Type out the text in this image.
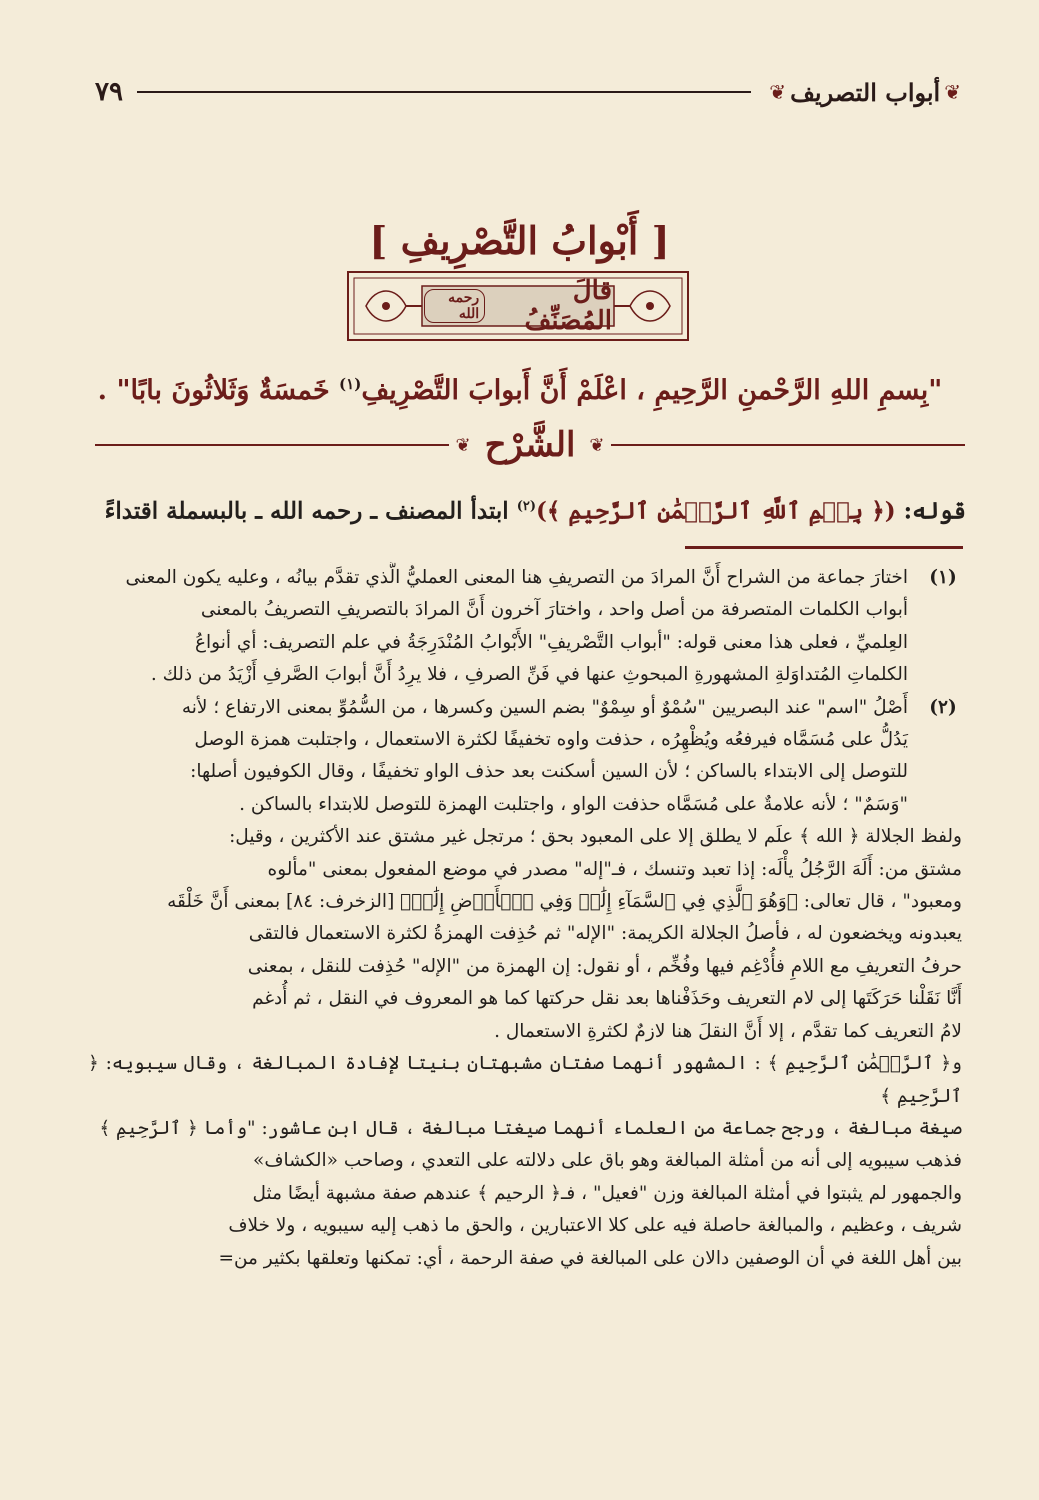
❦
أبواب التصريف
❦
٧٩
[ أَبْوابُ التَّصْرِيفِ ]
قالَ المُصَنِّفُ
رحمه الله
"بِسمِ اللهِ الرَّحْمنِ الرَّحِيمِ ، اعْلَمْ أَنَّ أَبوابَ التَّصْرِيفِ$^{(١)}$ خَمسَةٌ وَثَلاثُونَ بابًا" .
❦
الشَّرْح
❦
قوله: (﴿ بِسۡمِ ٱللَّهِ ٱلرَّحۡمَٰنِ ٱلرَّحِيمِ ﴾)$^{(٢)}$ ابتدأ المصنف ـ رحمه الله ـ بالبسملة اقتداءً
(١)

اختارَ جماعة من الشراح أَنَّ المرادَ من التصريفِ هنا المعنى العمليُّ الَّذي تقدَّم بيانُه ، وعليه يكون المعنى

أبواب الكلمات المتصرفة من أصل واحد ، واختارَ آخرون أَنَّ المرادَ بالتصريفِ التصريفُ بالمعنى

العِلميِّ ، فعلى هذا معنى قوله: "أبواب التَّصْريفِ" الأَبْوابُ المُنْدَرِجَةُ في علم التصريف: أي أنواعُ

الكلماتِ المُتداوَلةِ المشهورةِ المبحوثِ عنها في فَنِّ الصرفِ ، فلا يرِدُ أَنَّ أبوابَ الصَّرفِ أَزْيَدُ من ذلك .

(٢)

أَصْلُ "اسم" عند البصريين "سُمْوٌ أو سِمْوٌ" بضم السين وكسرها ، من السُّمُوِّ بمعنى الارتفاع ؛ لأنه

يَدُلُّ على مُسَمَّاه فيرفعُه ويُظْهِرُه ، حذفت واوه تخفيفًا لكثرة الاستعمال ، واجتلبت همزة الوصل

للتوصل إلى الابتداء بالساكن ؛ لأن السين أسكنت بعد حذف الواو تخفيفًا ، وقال الكوفيون أصلها:

"وَسَمٌ" ؛ لأنه علامةٌ على مُسَمَّاه حذفت الواو ، واجتلبت الهمزة للتوصل للابتداء بالساكن .

ولفظ الجلالة ﴿ الله ﴾ علَم لا يطلق إلا على المعبود بحق ؛ مرتجل غير مشتق عند الأكثرين ، وقيل:

مشتق من: أَلَهَ الرَّجُلُ يأْلَه: إذا تعبد وتنسك ، فـ"إله" مصدر في موضع المفعول بمعنى "مألوه

ومعبود" ، قال تعالى: ﴿وَهُوَ ٱلَّذِي فِي ٱلسَّمَآءِ إِلَٰهٞ وَفِي ٱلۡأَرۡضِ إِلَٰهٞ﴾ [الزخرف: ٨٤] بمعنى أَنَّ خَلْقَه

يعبدونه ويخضعون له ، فأصلُ الجلالة الكريمة: "الإله" ثم حُذِفت الهمزةُ لكثرة الاستعمال فالتقى

حرفُ التعريفِ مع اللامِ فأُدْغِم فيها وفُخِّم ، أو نقول: إن الهمزة من "الإله" حُذِفت للنقل ، بمعنى

أَنَّا نَقَلْنا حَرَكَتَها إلى لام التعريف وحَذَفْناها بعد نقل حركتها كما هو المعروف في النقل ، ثم أُدغم

لامُ التعريف كما تقدَّم ، إلا أَنَّ النقلَ هنا لازمٌ لكثرةِ الاستعمال .

و﴿ ٱلرَّحۡمَٰنِ ٱلرَّحِيمِ ﴾ : المشهور أنهما صفتان مشبهتان بنيتا لإفادة المبالغة ، وقال سيبويه: ﴿ ٱلرَّحِيمِ ﴾

صيغة مبالغة ، ورجح جماعة من العلماء أنهما صيغتا مبالغة ، قال ابن عاشور: "وأما ﴿ ٱلرَّحِيمِ ﴾

فذهب سيبويه إلى أنه من أمثلة المبالغة وهو باق على دلالته على التعدي ، وصاحب «الكشاف»

والجمهور لم يثبتوا في أمثلة المبالغة وزن "فعيل" ، فـ﴿ الرحيم ﴾ عندهم صفة مشبهة أيضًا مثل

شريف ، وعظيم ، والمبالغة حاصلة فيه على كلا الاعتبارين ، والحق ما ذهب إليه سيبويه ، ولا خلاف

بين أهل اللغة في أن الوصفين دالان على المبالغة في صفة الرحمة ، أي: تمكنها وتعلقها بكثير من=
